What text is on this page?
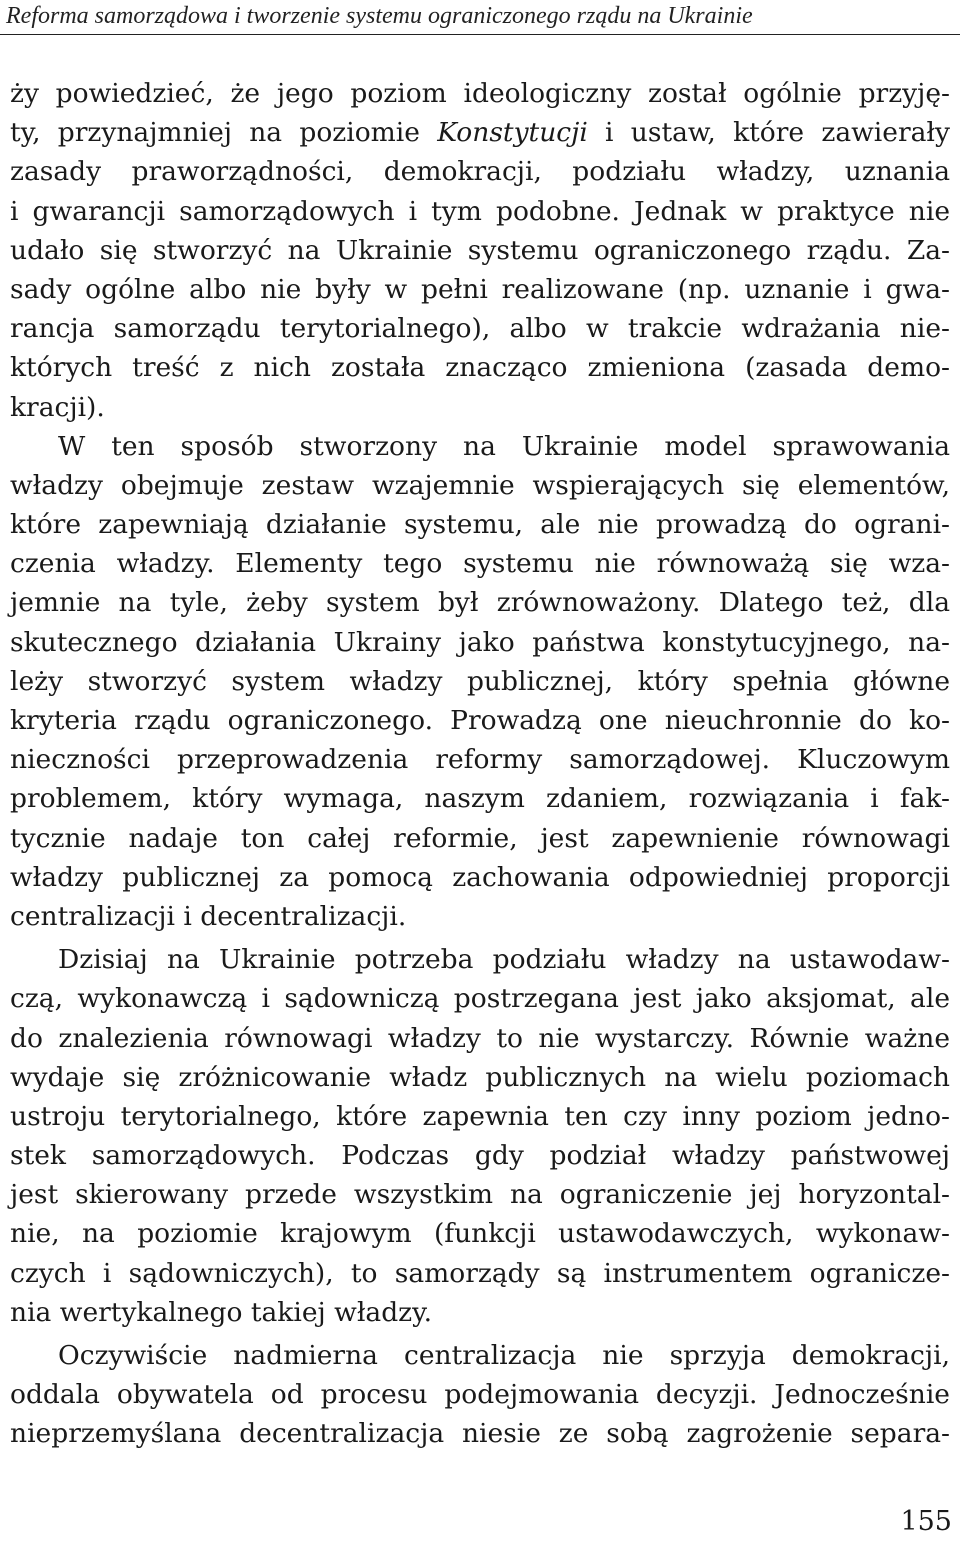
Reforma samorządowa i tworzenie systemu ograniczonego rządu na Ukrainie
ży powiedzieć, że jego poziom ideologiczny został ogólnie przyję-
ty, przynajmniej na poziomie Konstytucji i ustaw, które zawierały
zasady praworządności, demokracji, podziału władzy, uznania
i gwarancji samorządowych i tym podobne. Jednak w praktyce nie
udało się stworzyć na Ukrainie systemu ograniczonego rządu. Za-
sady ogólne albo nie były w pełni realizowane (np. uznanie i gwa-
rancja samorządu terytorialnego), albo w trakcie wdrażania nie-
których treść z nich została znacząco zmieniona (zasada demo-
kracji).
W ten sposób stworzony na Ukrainie model sprawowania
władzy obejmuje zestaw wzajemnie wspierających się elementów,
które zapewniają działanie systemu, ale nie prowadzą do ograni-
czenia władzy. Elementy tego systemu nie równoważą się wza-
jemnie na tyle, żeby system był zrównoważony. Dlatego też, dla
skutecznego działania Ukrainy jako państwa konstytucyjnego, na-
leży stworzyć system władzy publicznej, który spełnia główne
kryteria rządu ograniczonego. Prowadzą one nieuchronnie do ko-
nieczności przeprowadzenia reformy samorządowej. Kluczowym
problemem, który wymaga, naszym zdaniem, rozwiązania i fak-
tycznie nadaje ton całej reformie, jest zapewnienie równowagi
władzy publicznej za pomocą zachowania odpowiedniej proporcji
centralizacji i decentralizacji.
Dzisiaj na Ukrainie potrzeba podziału władzy na ustawodaw-
czą, wykonawczą i sądowniczą postrzegana jest jako aksjomat, ale
do znalezienia równowagi władzy to nie wystarczy. Równie ważne
wydaje się zróżnicowanie władz publicznych na wielu poziomach
ustroju terytorialnego, które zapewnia ten czy inny poziom jedno-
stek samorządowych. Podczas gdy podział władzy państwowej
jest skierowany przede wszystkim na ograniczenie jej horyzontal-
nie, na poziomie krajowym (funkcji ustawodawczych, wykonaw-
czych i sądowniczych), to samorządy są instrumentem ogranicze-
nia wertykalnego takiej władzy.
Oczywiście nadmierna centralizacja nie sprzyja demokracji,
oddala obywatela od procesu podejmowania decyzji. Jednocześnie
nieprzemyślana decentralizacja niesie ze sobą zagrożenie separa-
155
